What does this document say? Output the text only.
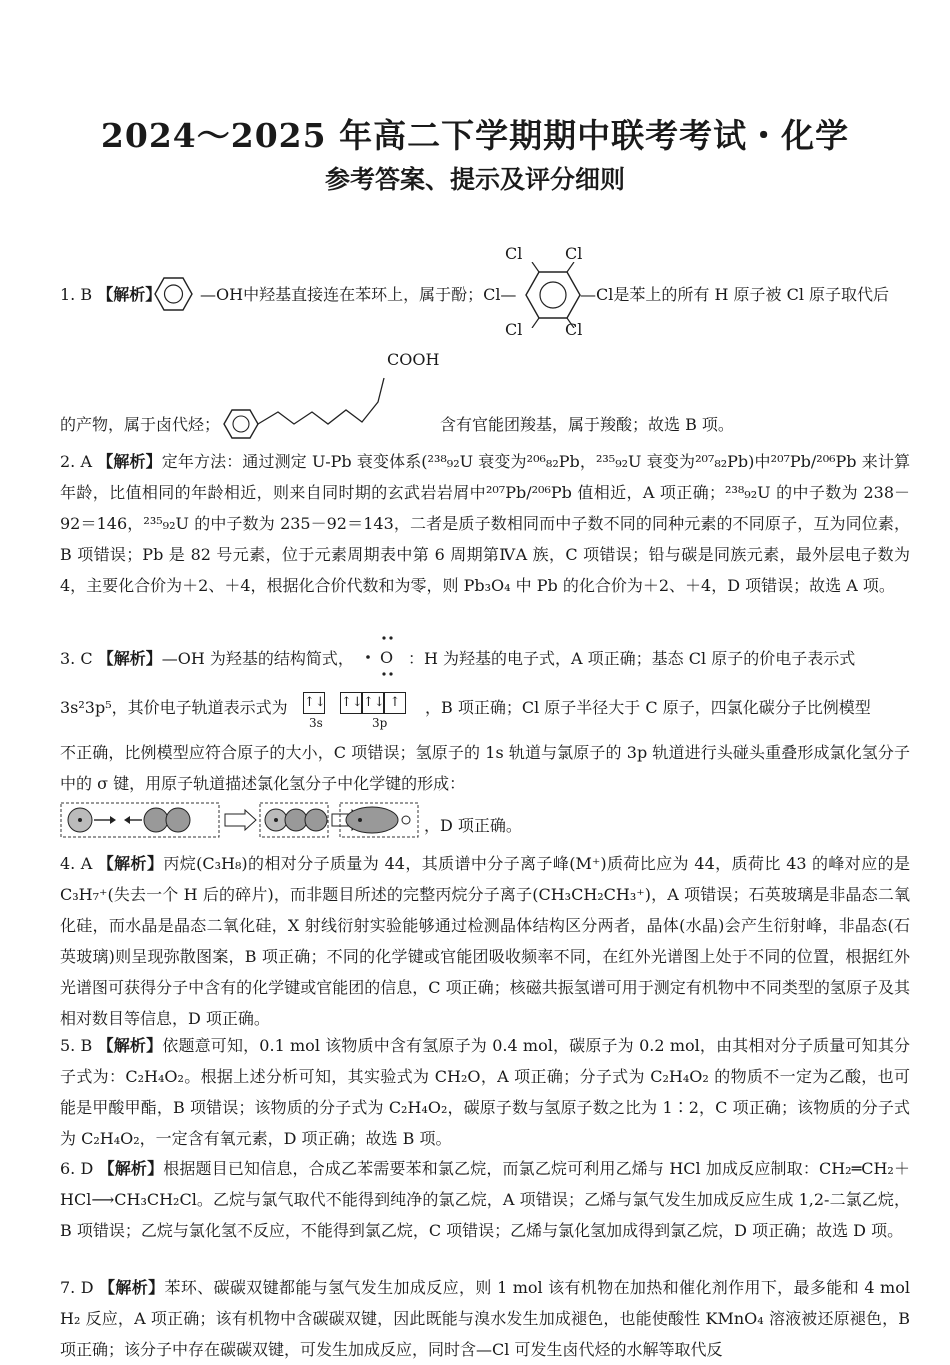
2024～2025 年高二下学期期中联考考试・化学
参考答案、提示及评分细则
1. B 【解析】 —OH中羟基直接连在苯环上，属于酚；Cl—
Cl	Cl
Cl	Cl
—Cl是苯上的所有 H 原子被 Cl 原子取代后
COOH
的产物，属于卤代烃；	含有官能团羧基，属于羧酸；故选 B 项。
2. A 【解析】定年方法：通过测定 U-Pb 衰变体系(²³⁸₉₂U 衰变为²⁰⁶₈₂Pb，²³⁵₉₂U 衰变为²⁰⁷₈₂Pb)中²⁰⁷Pb/²⁰⁶Pb 来计算年龄，比值相同的年龄相近，则来自同时期的玄武岩岩屑中²⁰⁷Pb/²⁰⁶Pb 值相近，A 项正确；²³⁸₉₂U 的中子数为 238－92＝146，²³⁵₉₂U 的中子数为 235－92＝143，二者是质子数相同而中子数不同的同种元素的不同原子，互为同位素，B 项错误；Pb 是 82 号元素，位于元素周期表中第 6 周期第ⅣA 族，C 项错误；铅与碳是同族元素，最外层电子数为 4，主要化合价为＋2、＋4，根据化合价代数和为零，则 Pb₃O₄ 中 Pb 的化合价为＋2、＋4，D 项错误；故选 A 项。
3. C 【解析】—OH 为羟基的结构简式， O ：H 为羟基的电子式，A 项正确；基态 Cl 原子的价电子表示式
3s²3p⁵，其价电子轨道表示式为 ↑↓ ↑↓↑↓ ↑
3s	3p
，B 项正确；Cl 原子半径大于 C 原子，四氯化碳分子比例模型
不正确，比例模型应符合原子的大小，C 项错误；氢原子的 1s 轨道与氯原子的 3p 轨道进行头碰头重叠形成氯化氢分子中的 σ 键，用原子轨道描述氯化氢分子中化学键的形成：
，D 项正确。
4. A 【解析】丙烷(C₃H₈)的相对分子质量为 44，其质谱中分子离子峰(M⁺)质荷比应为 44，质荷比 43 的峰对应的是 C₃H₇⁺(失去一个 H 后的碎片)，而非题目所述的完整丙烷分子离子(CH₃CH₂CH₃⁺)，A 项错误；石英玻璃是非晶态二氧化硅，而水晶是晶态二氧化硅，X 射线衍射实验能够通过检测晶体结构区分两者，晶体(水晶)会产生衍射峰，非晶态(石英玻璃)则呈现弥散图案，B 项正确；不同的化学键或官能团吸收频率不同，在红外光谱图上处于不同的位置，根据红外光谱图可获得分子中含有的化学键或官能团的信息，C 项正确；核磁共振氢谱可用于测定有机物中不同类型的氢原子及其相对数目等信息，D 项正确。
5. B 【解析】依题意可知，0.1 mol 该物质中含有氢原子为 0.4 mol，碳原子为 0.2 mol，由其相对分子质量可知其分子式为：C₂H₄O₂。根据上述分析可知，其实验式为 CH₂O，A 项正确；分子式为 C₂H₄O₂ 的物质不一定为乙酸，也可能是甲酸甲酯，B 项错误；该物质的分子式为 C₂H₄O₂，碳原子数与氢原子数之比为 1∶2，C 项正确；该物质的分子式为 C₂H₄O₂，一定含有氧元素，D 项正确；故选 B 项。
6. D 【解析】根据题目已知信息，合成乙苯需要苯和氯乙烷，而氯乙烷可利用乙烯与 HCl 加成反应制取：CH₂═CH₂＋HCl⟶CH₃CH₂Cl。乙烷与氯气取代不能得到纯净的氯乙烷，A 项错误；乙烯与氯气发生加成反应生成 1,2-二氯乙烷，B 项错误；乙烷与氯化氢不反应，不能得到氯乙烷，C 项错误；乙烯与氯化氢加成得到氯乙烷，D 项正确；故选 D 项。
7. D 【解析】苯环、碳碳双键都能与氢气发生加成反应，则 1 mol 该有机物在加热和催化剂作用下，最多能和 4 mol H₂ 反应，A 项正确；该有机物中含碳碳双键，因此既能与溴水发生加成褪色，也能使酸性 KMnO₄ 溶液被还原褪色，B 项正确；该分子中存在碳碳双键，可发生加成反应，同时含—Cl 可发生卤代烃的水解等取代反
